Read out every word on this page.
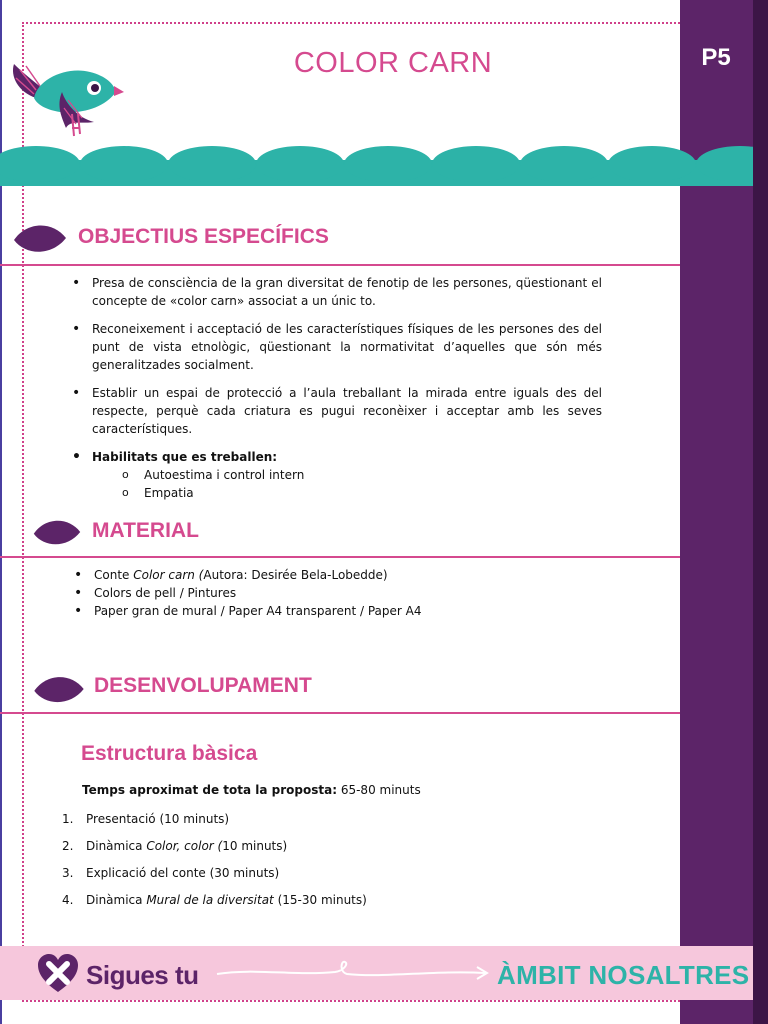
P5
COLOR CARN
OBJECTIUS ESPECÍFICS
• Presa de consciència de la gran diversitat de fenotip de les persones, qüestionant el concepte de «color carn» associat a un únic to.
• Reconeixement i acceptació de les característiques físiques de les persones des del punt de vista etnològic, qüestionant la normativitat d’aquelles que són més generalitzades socialment.
• Establir un espai de protecció a l’aula treballant la mirada entre iguals des del respecte, perquè cada criatura es pugui reconèixer i acceptar amb les seves característiques.
• Habilitats que es treballen:
o Autoestima i control intern
o Empatia
MATERIAL
• Conte Color carn (Autora: Desirée Bela-Lobedde)
• Colors de pell / Pintures
• Paper gran de mural / Paper A4 transparent / Paper A4
DESENVOLUPAMENT
Estructura bàsica
Temps aproximat de tota la proposta: 65-80 minuts
1. Presentació (10 minuts)
2. Dinàmica Color, color (10 minuts)
3. Explicació del conte (30 minuts)
4. Dinàmica Mural de la diversitat (15-30 minuts)
Sigues tu	ÀMBIT NOSALTRES
